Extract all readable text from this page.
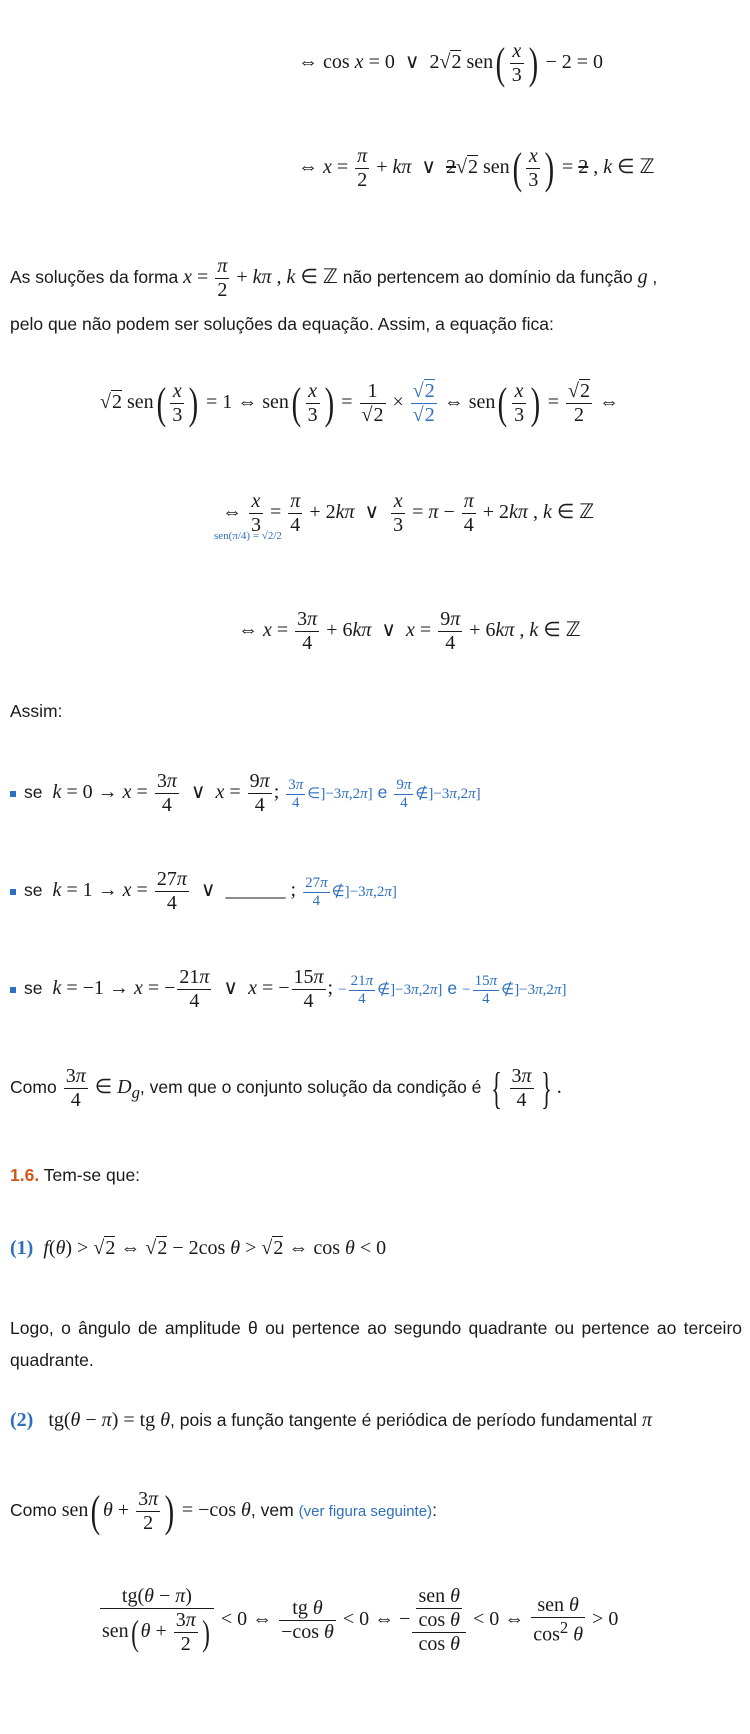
⇔ cos x = 0  ∨  2√2 $sen( \frac{x}{3}$ ) − 2 = 0
⇔ $x = \frac{\pi}{2} + k\pi$  ∨  2√2 $sen( \frac{x}{3}$ ) = 2 , k ∈ ℤ
As soluções da forma $x = \frac{\pi}{2} + k\pi$ , k ∈ ℤ não pertencem ao domínio da função g ,
pelo que não podem ser soluções da equação. Assim, a equação fica:
√2 $sen( \frac{x}{3}$ ) = 1 ⇔ $sen( \frac{x}{3}$ ) = $\frac{1}{√2} \times \frac{√2}{√2}$ ⇔ $sen( \frac{x}{3}$ ) = $\frac{√2}{2}$ ⇔
⇔
sen(π/4) = √2/2

$\frac{x}{3} = \frac{\pi}{4} + 2k\pi$  ∨ $\frac{x}{3} = \pi - \frac{\pi}{4} + 2k\pi$ , k ∈ ℤ
⇔ $x = \frac{3\pi}{4} + 6k\pi$  ∨  $x = \frac{9\pi}{4} + 6k\pi$ , k ∈ ℤ
Assim:
se $k = 0 \to x = \frac{3\pi}{4}$ ∨  $x = \frac{9\pi}{4}$ ; $\frac{3\pi}{4}$ ∈]−3π,2π] e $\frac{9\pi}{4}$ ∉]−3π,2π]
se $k = 1 \to x = \frac{27\pi}{4}$ ∨  ______ ; $\frac{27\pi}{4}$ ∉]−3π,2π]
se k = −1 → x = − $\frac{21\pi}{4}$ ∨  x = − $\frac{15\pi}{4}$ ; − $\frac{21\pi}{4}$ ∉]−3π,2π] $e - \frac{15\pi}{4}$ ∉]−3π,2π]
Como $\frac{3\pi}{4}$ ∈ $D_g$, vem que o conjunto solução da condição é { $\frac{3\pi}{4}$ } .
1.6. Tem-se que:
(1) f(θ) > √2 ⇔ √2 − 2cos θ > √2 ⇔ cos θ < 0
Logo, o ângulo de amplitude θ ou pertence ao segundo quadrante ou pertence ao terceiro quadrante.
(2)   tg(θ − π) = tg θ, pois a função tangente é periódica de período fundamental π
Como sen( $\theta + \frac{3\pi}{2}$ ) = −cos θ, vem (ver figura seguinte):
tg(θ − π)
sen( $\theta + \frac{3\pi}{2}$ ) < 0 ⇔ $\frac{\text{tg θ}}{\text{−cos θ}} < 0$ ⇔ −
sen θ
cos θ
cos θ
< 0 ⇔
sen θ
$\cos^2 \theta$
> 0
